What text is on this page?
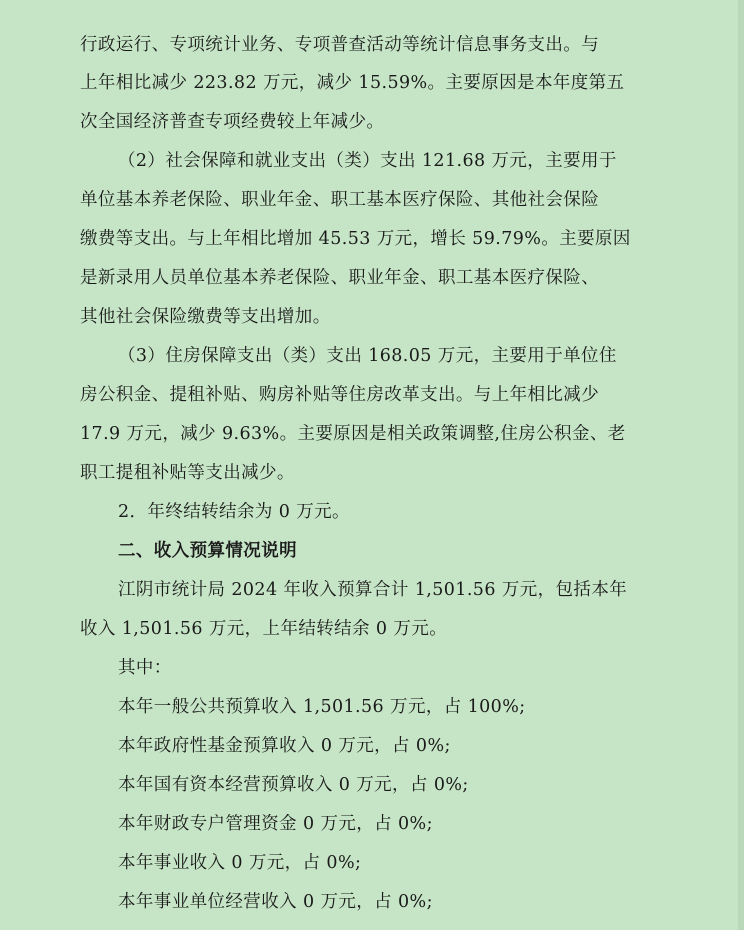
行政运行、专项统计业务、专项普查活动等统计信息事务支出。与
上年相比减少 223.82 万元，减少 15.59%。主要原因是本年度第五
次全国经济普查专项经费较上年减少。
（2）社会保障和就业支出（类）支出 121.68 万元，主要用于
单位基本养老保险、职业年金、职工基本医疗保险、其他社会保险
缴费等支出。与上年相比增加 45.53 万元，增长 59.79%。主要原因
是新录用人员单位基本养老保险、职业年金、职工基本医疗保险、
其他社会保险缴费等支出增加。
（3）住房保障支出（类）支出 168.05 万元，主要用于单位住
房公积金、提租补贴、购房补贴等住房改革支出。与上年相比减少
17.9 万元，减少 9.63%。主要原因是相关政策调整,住房公积金、老
职工提租补贴等支出减少。
2．年终结转结余为 0 万元。
二、收入预算情况说明
江阴市统计局 2024 年收入预算合计 1,501.56 万元，包括本年
收入 1,501.56 万元，上年结转结余 0 万元。
其中：
本年一般公共预算收入 1,501.56 万元，占 100%;
本年政府性基金预算收入 0 万元，占 0%;
本年国有资本经营预算收入 0 万元，占 0%;
本年财政专户管理资金 0 万元，占 0%;
本年事业收入 0 万元，占 0%;
本年事业单位经营收入 0 万元，占 0%;
